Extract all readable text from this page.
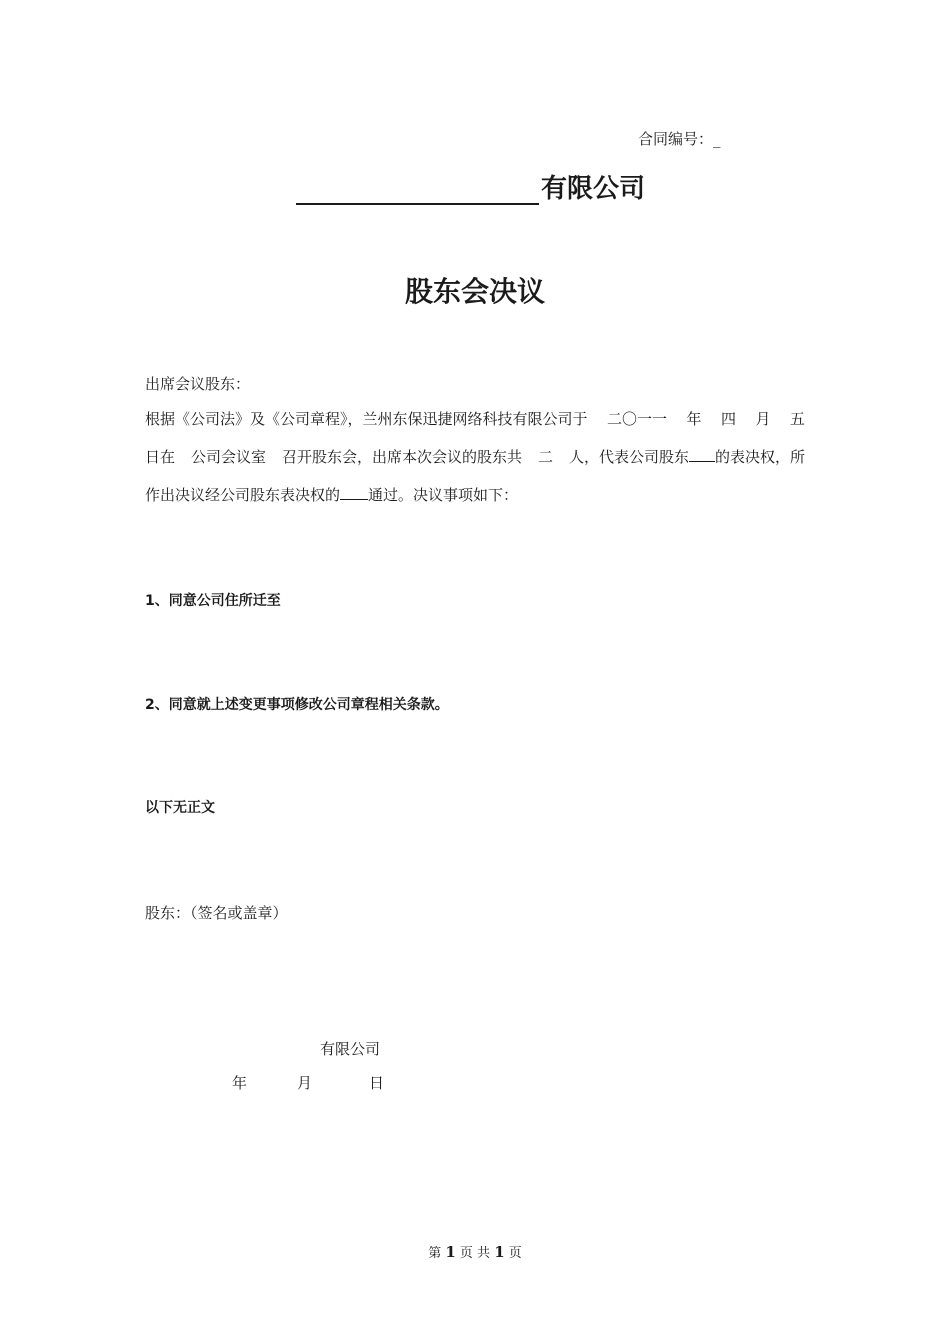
合同编号：_
有限公司
股东会决议
出席会议股东：
根据《公司法》及《公司章程》，兰州东保迅捷网络科技有限公司于 二〇一一 年 四 月 五
日在 公司会议室 召开股东会，出席本次会议的股东共 二 人，代表公司股东 的表决权，所
作出决议经公司股东表决权的 通过。决议事项如下：
1、同意公司住所迁至
2、同意就上述变更事项修改公司章程相关条款。
以下无正文
股东：（签名或盖章）
有限公司
年	月	日
第 1 页 共 1 页
